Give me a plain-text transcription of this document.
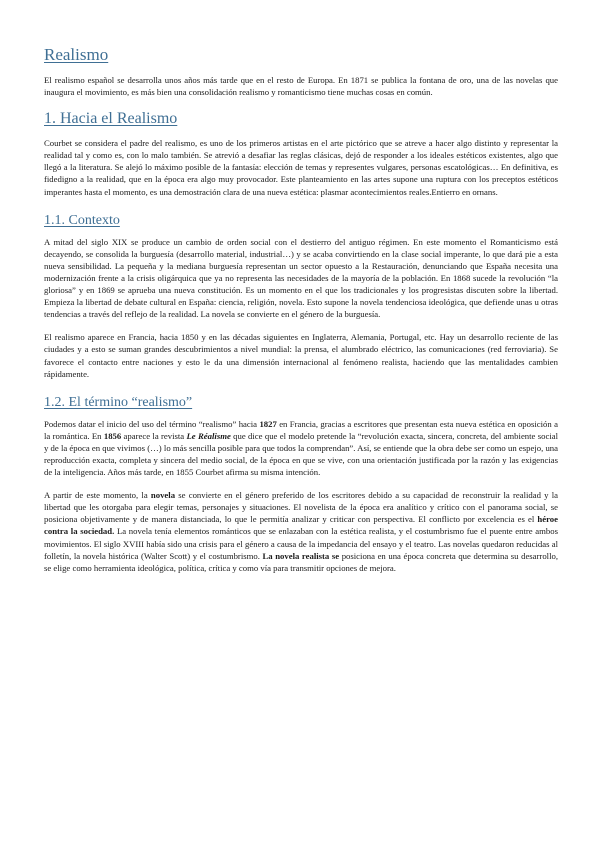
Realismo

El realismo español se desarrolla unos años más tarde que en el resto de Europa. En 1871 se publica la fontana de oro, una de las novelas que inaugura el movimiento, es más bien una consolidación realismo y romanticismo tiene muchas cosas en común.

1. Hacia el Realismo

Courbet se considera el padre del realismo, es uno de los primeros artistas en el arte pictórico que se atreve a hacer algo distinto y representar la realidad tal y como es, con lo malo también. Se atrevió a desafiar las reglas clásicas, dejó de responder a los ideales estéticos existentes, algo que llegó a la literatura. Se alejó lo máximo posible de la fantasía: elección de temas y representes vulgares, personas escatológicas… En definitiva, es fidedigno a la realidad, que en la época era algo muy provocador. Este planteamiento en las artes supone una ruptura con los preceptos estéticos imperantes hasta el momento, es una demostración clara de una nueva estética: plasmar acontecimientos reales.Entierro en ornans.

1.1. Contexto

A mitad del siglo XIX se produce un cambio de orden social con el destierro del antiguo régimen. En este momento el Romanticismo está decayendo, se consolida la burguesía (desarrollo material, industrial…) y se acaba convirtiendo en la clase social imperante, lo que dará pie a esta nueva sensibilidad. La pequeña y la mediana burguesía representan un sector opuesto a la Restauración, denunciando que España necesita una modernización frente a la crisis oligárquica que ya no representa las necesidades de la mayoría de la población. En 1868 sucede la revolución “la gloriosa” y en 1869 se aprueba una nueva constitución. Es un momento en el que los tradicionales y los progresistas discuten sobre la libertad. Empieza la libertad de debate cultural en España: ciencia, religión, novela. Esto supone la novela tendenciosa ideológica, que defiende unas u otras tendencias a través del reflejo de la realidad. La novela se convierte en el género de la burguesía.

El realismo aparece en Francia, hacia 1850 y en las décadas siguientes en Inglaterra, Alemania, Portugal, etc. Hay un desarrollo reciente de las ciudades y a esto se suman grandes descubrimientos a nivel mundial: la prensa, el alumbrado eléctrico, las comunicaciones (red ferroviaria). Se favorece el contacto entre naciones y esto le da una dimensión internacional al fenómeno realista, haciendo que las mentalidades cambien rápidamente.

1.2. El término “realismo”

Podemos datar el inicio del uso del término “realismo” hacia 1827 en Francia, gracias a escritores que presentan esta nueva estética en oposición a la romántica. En 1856 aparece la revista Le Réalisme que dice que el modelo pretende la “revolución exacta, sincera, concreta, del ambiente social y de la época en que vivimos (…) lo más sencilla posible para que todos la comprendan”. Así, se entiende que la obra debe ser como un espejo, una reproducción exacta, completa y sincera del medio social, de la época en que se vive, con una orientación justificada por la razón y las exigencias de la inteligencia. Años más tarde, en 1855 Courbet afirma su misma intención.

A partir de este momento, la novela se convierte en el género preferido de los escritores debido a su capacidad de reconstruir la realidad y la libertad que les otorgaba para elegir temas, personajes y situaciones. El novelista de la época era analítico y crítico con el panorama social, se posiciona objetivamente y de manera distanciada, lo que le permitía analizar y criticar con perspectiva. El conflicto por excelencia es el héroe contra la sociedad. La novela tenía elementos románticos que se enlazaban con la estética realista, y el costumbrismo fue el puente entre ambos movimientos. El siglo XVIII había sido una crisis para el género a causa de la impedancia del ensayo y el teatro. Las novelas quedaron reducidas al folletín, la novela histórica (Walter Scott) y el costumbrismo. La novela realista se posiciona en una época concreta que determina su desarrollo, se elige como herramienta ideológica, política, crítica y como vía para transmitir opciones de mejora.
